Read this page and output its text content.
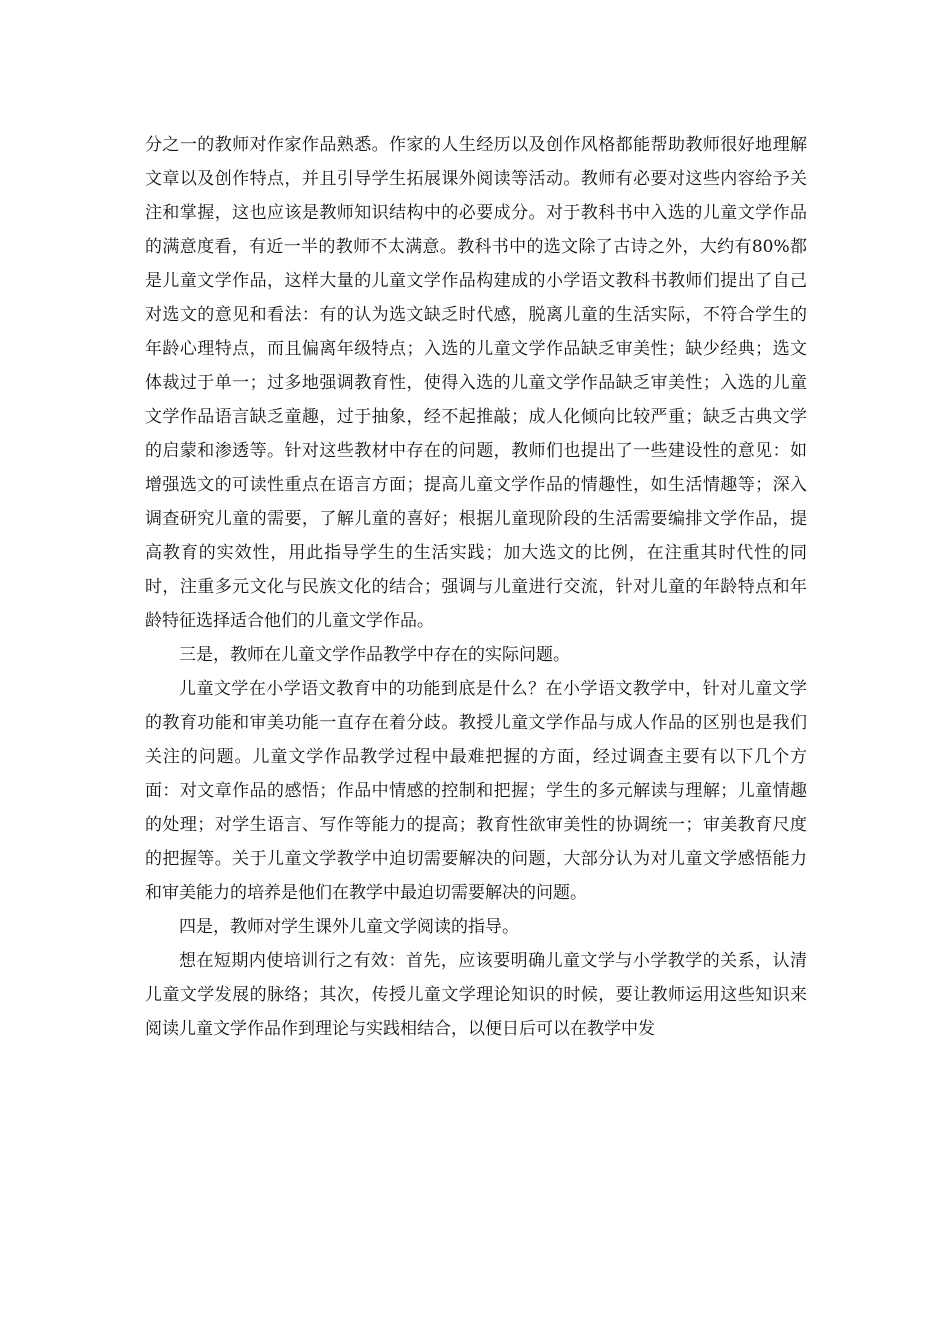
分之一的教师对作家作品熟悉。作家的人生经历以及创作风格都能帮助教师很好地理解文章以及创作特点，并且引导学生拓展课外阅读等活动。教师有必要对这些内容给予关注和掌握，这也应该是教师知识结构中的必要成分。对于教科书中入选的儿童文学作品的满意度看，有近一半的教师不太满意。教科书中的选文除了古诗之外，大约有80%都是儿童文学作品，这样大量的儿童文学作品构建成的小学语文教科书教师们提出了自己对选文的意见和看法：有的认为选文缺乏时代感，脱离儿童的生活实际，不符合学生的年龄心理特点，而且偏离年级特点；入选的儿童文学作品缺乏审美性；缺少经典；选文体裁过于单一；过多地强调教育性，使得入选的儿童文学作品缺乏审美性；入选的儿童文学作品语言缺乏童趣，过于抽象，经不起推敲；成人化倾向比较严重；缺乏古典文学的启蒙和渗透等。针对这些教材中存在的问题，教师们也提出了一些建设性的意见：如增强选文的可读性重点在语言方面；提高儿童文学作品的情趣性，如生活情趣等；深入调查研究儿童的需要，了解儿童的喜好；根据儿童现阶段的生活需要编排文学作品，提高教育的实效性，用此指导学生的生活实践；加大选文的比例，在注重其时代性的同时，注重多元文化与民族文化的结合；强调与儿童进行交流，针对儿童的年龄特点和年龄特征选择适合他们的儿童文学作品。

三是，教师在儿童文学作品教学中存在的实际问题。

儿童文学在小学语文教育中的功能到底是什么？在小学语文教学中，针对儿童文学的教育功能和审美功能一直存在着分歧。教授儿童文学作品与成人作品的区别也是我们关注的问题。儿童文学作品教学过程中最难把握的方面，经过调查主要有以下几个方面：对文章作品的感悟；作品中情感的控制和把握；学生的多元解读与理解；儿童情趣的处理；对学生语言、写作等能力的提高；教育性欲审美性的协调统一；审美教育尺度的把握等。关于儿童文学教学中迫切需要解决的问题，大部分认为对儿童文学感悟能力和审美能力的培养是他们在教学中最迫切需要解决的问题。

四是，教师对学生课外儿童文学阅读的指导。

想在短期内使培训行之有效：首先，应该要明确儿童文学与小学教学的关系，认清儿童文学发展的脉络；其次，传授儿童文学理论知识的时候，要让教师运用这些知识来阅读儿童文学作品作到理论与实践相结合，以便日后可以在教学中发
